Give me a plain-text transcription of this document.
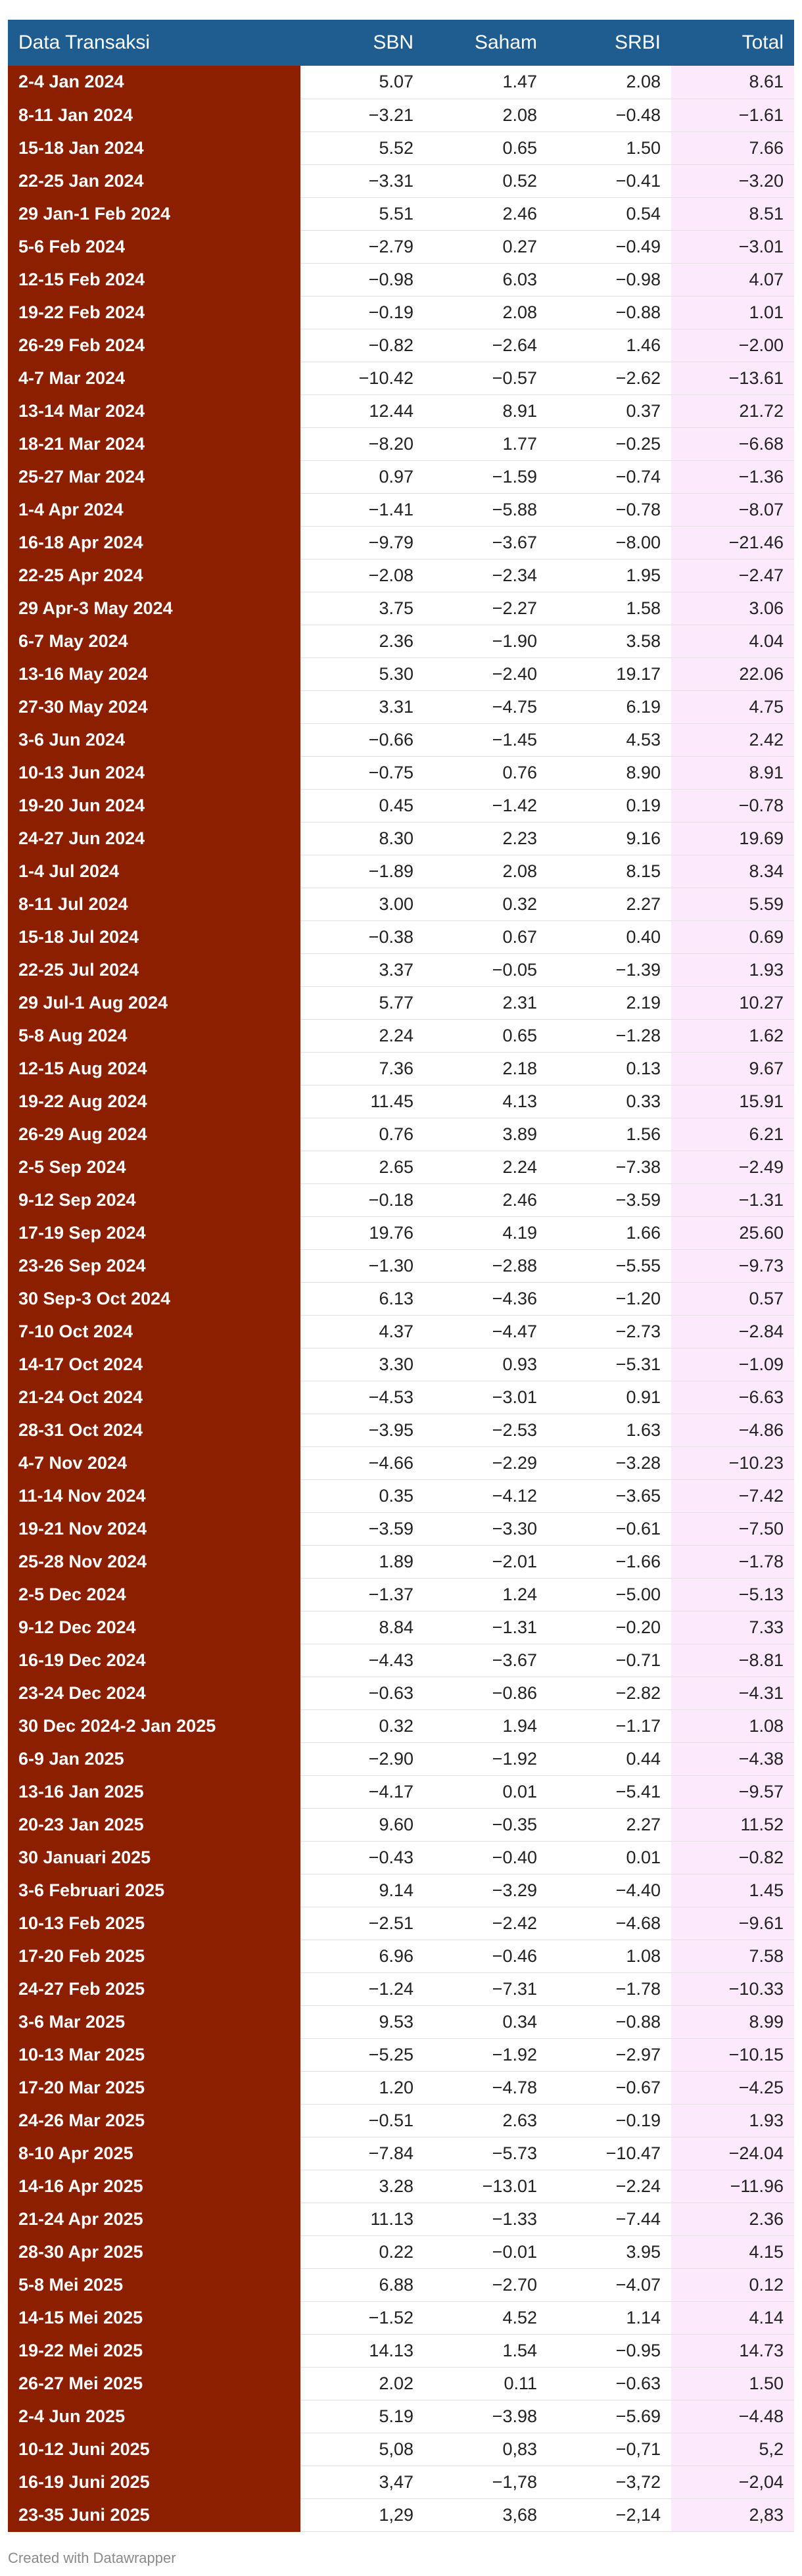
Data Transaksi	SBN	Saham	SRBI	Total
2-4 Jan 2024	5.07	1.47	2.08	8.61
8-11 Jan 2024	−3.21	2.08	−0.48	−1.61
15-18 Jan 2024	5.52	0.65	1.50	7.66
22-25 Jan 2024	−3.31	0.52	−0.41	−3.20
29 Jan-1 Feb 2024	5.51	2.46	0.54	8.51
5-6 Feb 2024	−2.79	0.27	−0.49	−3.01
12-15 Feb 2024	−0.98	6.03	−0.98	4.07
19-22 Feb 2024	−0.19	2.08	−0.88	1.01
26-29 Feb 2024	−0.82	−2.64	1.46	−2.00
4-7 Mar 2024	−10.42	−0.57	−2.62	−13.61
13-14 Mar 2024	12.44	8.91	0.37	21.72
18-21 Mar 2024	−8.20	1.77	−0.25	−6.68
25-27 Mar 2024	0.97	−1.59	−0.74	−1.36
1-4 Apr 2024	−1.41	−5.88	−0.78	−8.07
16-18 Apr 2024	−9.79	−3.67	−8.00	−21.46
22-25 Apr 2024	−2.08	−2.34	1.95	−2.47
29 Apr-3 May 2024	3.75	−2.27	1.58	3.06
6-7 May 2024	2.36	−1.90	3.58	4.04
13-16 May 2024	5.30	−2.40	19.17	22.06
27-30 May 2024	3.31	−4.75	6.19	4.75
3-6 Jun 2024	−0.66	−1.45	4.53	2.42
10-13 Jun 2024	−0.75	0.76	8.90	8.91
19-20 Jun 2024	0.45	−1.42	0.19	−0.78
24-27 Jun 2024	8.30	2.23	9.16	19.69
1-4 Jul 2024	−1.89	2.08	8.15	8.34
8-11 Jul 2024	3.00	0.32	2.27	5.59
15-18 Jul 2024	−0.38	0.67	0.40	0.69
22-25 Jul 2024	3.37	−0.05	−1.39	1.93
29 Jul-1 Aug 2024	5.77	2.31	2.19	10.27
5-8 Aug 2024	2.24	0.65	−1.28	1.62
12-15 Aug 2024	7.36	2.18	0.13	9.67
19-22 Aug 2024	11.45	4.13	0.33	15.91
26-29 Aug 2024	0.76	3.89	1.56	6.21
2-5 Sep 2024	2.65	2.24	−7.38	−2.49
9-12 Sep 2024	−0.18	2.46	−3.59	−1.31
17-19 Sep 2024	19.76	4.19	1.66	25.60
23-26 Sep 2024	−1.30	−2.88	−5.55	−9.73
30 Sep-3 Oct 2024	6.13	−4.36	−1.20	0.57
7-10 Oct 2024	4.37	−4.47	−2.73	−2.84
14-17 Oct 2024	3.30	0.93	−5.31	−1.09
21-24 Oct 2024	−4.53	−3.01	0.91	−6.63
28-31 Oct 2024	−3.95	−2.53	1.63	−4.86
4-7 Nov 2024	−4.66	−2.29	−3.28	−10.23
11-14 Nov 2024	0.35	−4.12	−3.65	−7.42
19-21 Nov 2024	−3.59	−3.30	−0.61	−7.50
25-28 Nov 2024	1.89	−2.01	−1.66	−1.78
2-5 Dec 2024	−1.37	1.24	−5.00	−5.13
9-12 Dec 2024	8.84	−1.31	−0.20	7.33
16-19 Dec 2024	−4.43	−3.67	−0.71	−8.81
23-24 Dec 2024	−0.63	−0.86	−2.82	−4.31
30 Dec 2024-2 Jan 2025	0.32	1.94	−1.17	1.08
6-9 Jan 2025	−2.90	−1.92	0.44	−4.38
13-16 Jan 2025	−4.17	0.01	−5.41	−9.57
20-23 Jan 2025	9.60	−0.35	2.27	11.52
30 Januari 2025	−0.43	−0.40	0.01	−0.82
3-6 Februari 2025	9.14	−3.29	−4.40	1.45
10-13 Feb 2025	−2.51	−2.42	−4.68	−9.61
17-20 Feb 2025	6.96	−0.46	1.08	7.58
24-27 Feb 2025	−1.24	−7.31	−1.78	−10.33
3-6 Mar 2025	9.53	0.34	−0.88	8.99
10-13 Mar 2025	−5.25	−1.92	−2.97	−10.15
17-20 Mar 2025	1.20	−4.78	−0.67	−4.25
24-26 Mar 2025	−0.51	2.63	−0.19	1.93
8-10 Apr 2025	−7.84	−5.73	−10.47	−24.04
14-16 Apr 2025	3.28	−13.01	−2.24	−11.96
21-24 Apr 2025	11.13	−1.33	−7.44	2.36
28-30 Apr 2025	0.22	−0.01	3.95	4.15
5-8 Mei 2025	6.88	−2.70	−4.07	0.12
14-15 Mei 2025	−1.52	4.52	1.14	4.14
19-22 Mei 2025	14.13	1.54	−0.95	14.73
26-27 Mei 2025	2.02	0.11	−0.63	1.50
2-4 Jun 2025	5.19	−3.98	−5.69	−4.48
10-12 Juni 2025	5,08	0,83	−0,71	5,2
16-19 Juni 2025	3,47	−1,78	−3,72	−2,04
23-35 Juni 2025	1,29	3,68	−2,14	2,83
Created with Datawrapper
